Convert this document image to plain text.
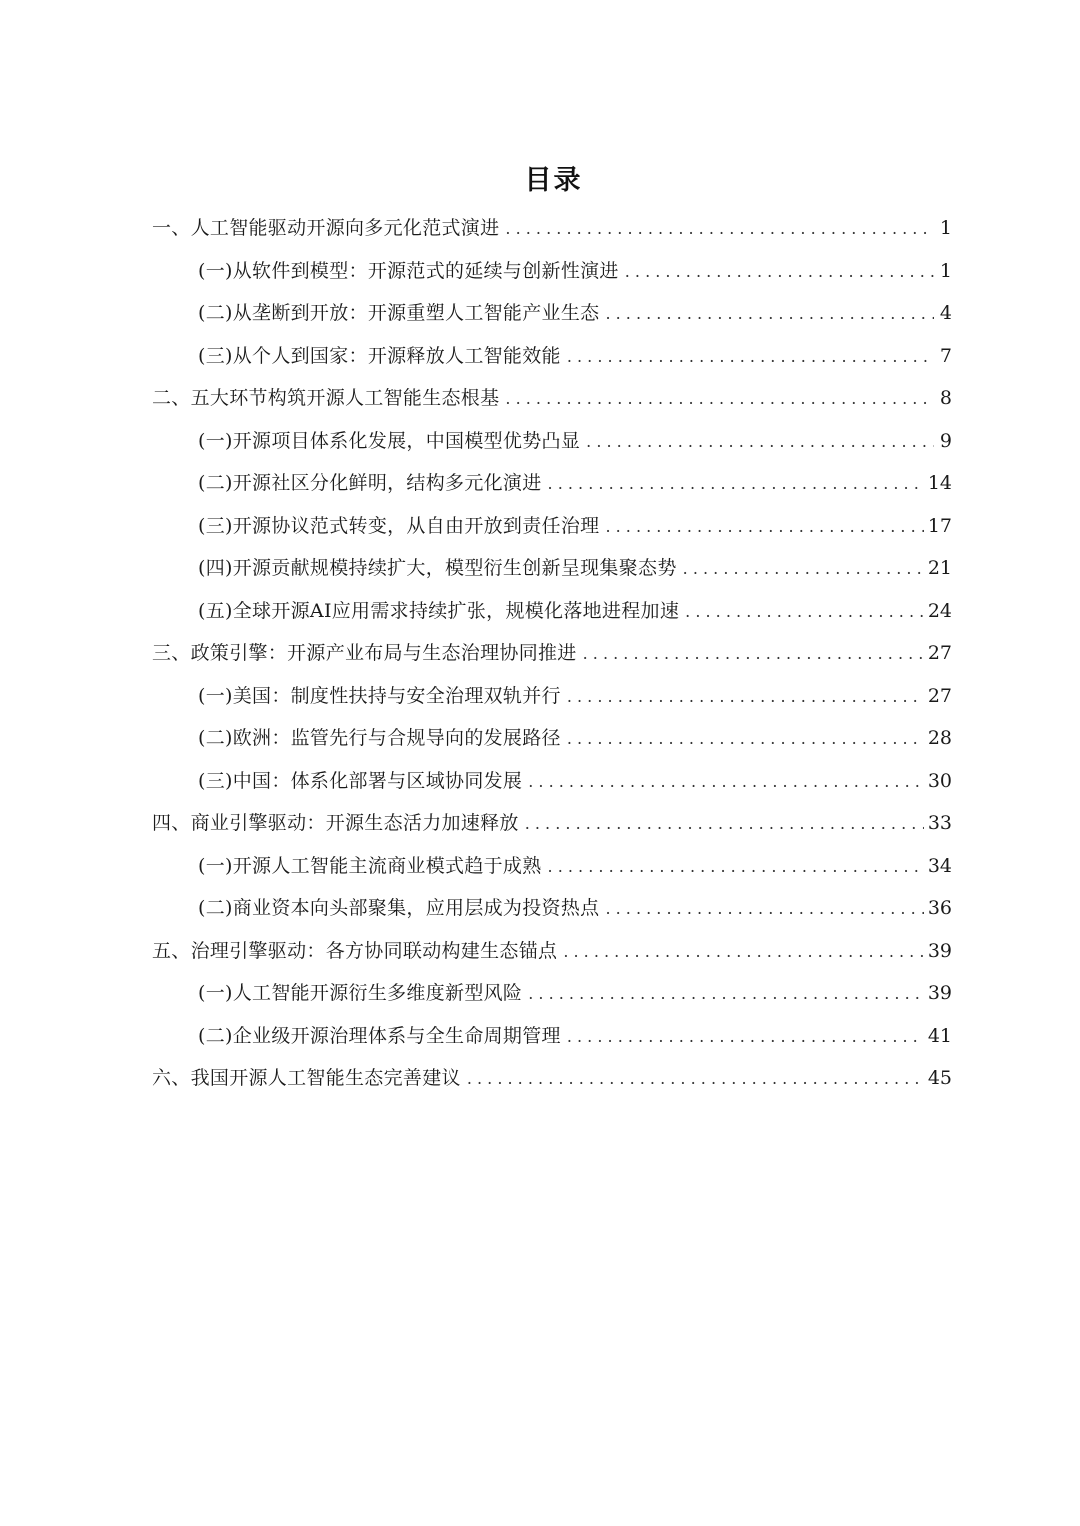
目录
一、人工智能驱动开源向多元化范式演进 . . .	1
(一)从软件到模型：开源范式的延续与创新性演进 . . .	1
(二)从垄断到开放：开源重塑人工智能产业生态 . . .	4
(三)从个人到国家：开源释放人工智能效能 . . .	7
二、五大环节构筑开源人工智能生态根基 . . .	8
(一)开源项目体系化发展，中国模型优势凸显 . . .	9
(二)开源社区分化鲜明，结构多元化演进 . . .	14
(三)开源协议范式转变，从自由开放到责任治理 . . .	17
(四)开源贡献规模持续扩大，模型衍生创新呈现集聚态势 . . .	21
(五)全球开源AI应用需求持续扩张，规模化落地进程加速 . . .	24
三、政策引擎：开源产业布局与生态治理协同推进 . . .	27
(一)美国：制度性扶持与安全治理双轨并行 . . .	27
(二)欧洲：监管先行与合规导向的发展路径 . . .	28
(三)中国：体系化部署与区域协同发展 . . .	30
四、商业引擎驱动：开源生态活力加速释放 . . .	33
(一)开源人工智能主流商业模式趋于成熟 . . .	34
(二)商业资本向头部聚集，应用层成为投资热点 . . .	36
五、治理引擎驱动：各方协同联动构建生态锚点 . . .	39
(一)人工智能开源衍生多维度新型风险 . . .	39
(二)企业级开源治理体系与全生命周期管理 . . .	41
六、我国开源人工智能生态完善建议 . . .	45
